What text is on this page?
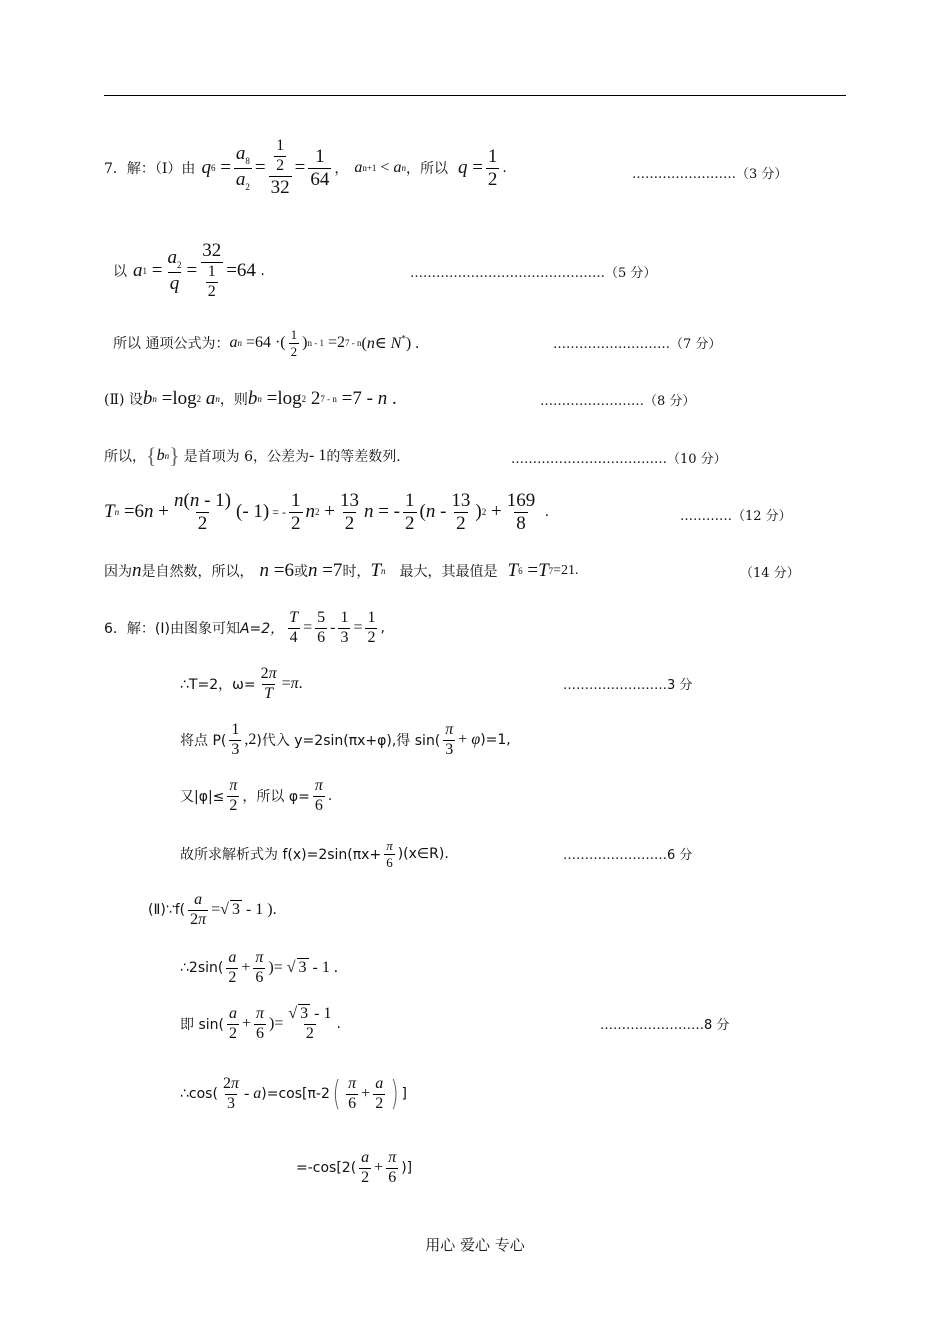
7．解：（Ⅰ）由 q $6 = \frac{a_8}{a_2} = \frac{\frac{1}{2}}{32} = \frac{1}{64}$ ， a n+1 < a n ，所以 $q = \frac{1}{2}$ .	……………………（3 分）
以 a $1 = \frac{a_2}{q} = \frac{32}{\frac{1}{2}} =64$ .	………………………………………（5 分）
所以 通项公式为： a n =64 ·( $\frac{1}{2}$ ) n - 1 =2 7 - n (n∈ N*) .	………………………（7 分）
(Ⅱ) 设 b n =log 2 a n ，则 b n =log 2 2 7 - n =7 - n .	……………………（8 分）
所以， { b n } 是首项为 6，公差为 - 1 的等差数列.	………………………………（10 分）
T $n =6n + \frac{n(n - 1)}{2}$ (- 1) = - $\frac{1}{2}$ n $2 + \frac{13}{2}$ n = - $\frac{1}{2} (n - \frac{13}{2}$ ) $2 + \frac{169}{8}$ .	…………（12 分）
因为 n 是自然数，所以， n =6 或 n =7 时， T n 最大，其最值是 T 6 =T 7 =21.	（14 分）
6．解：(Ⅰ)由图象可知 A=2， $\frac{T}{4} = \frac{5}{6} - \frac{1}{3} = \frac{1}{2}$ ,
∴T=2，$\omega= \frac{2\pi}{T} =\pi$.	……………………3 分
将点 $P( \frac{1}{3} ,2$ )代入 y=2sin(πx+φ),得 $\sin( \frac{\pi}{3} + \varphi$ )=1,
又$|\varphi|\le \frac{\pi}{2}$ ，所以 $\varphi= \frac{\pi}{6}$ .
故所求解析式为 $f(x)=2\sin(\pi x+ \frac{\pi}{6}$ )(x∈R).	……………………6 分
(Ⅱ)∵f( $\frac{a}{2\pi}$ =√ 3 - 1 ).
∴2sin( $\frac{a}{2} + \frac{\pi}{6}$ )= √ 3 - 1 .
即 $\sin( \frac{a}{2} + \frac{\pi}{6}$ )= $\frac{√ 3 - 1}{2}$ .	……………………8 分
∴cos( $\frac{2\pi}{3}$ - a )=cos[π-2 ( $\frac{\pi}{6} + \frac{a}{2}$ ) ]
$=-\cos[2( \frac{a}{2} + \frac{\pi}{6}$ )]
用心 爱心 专心
